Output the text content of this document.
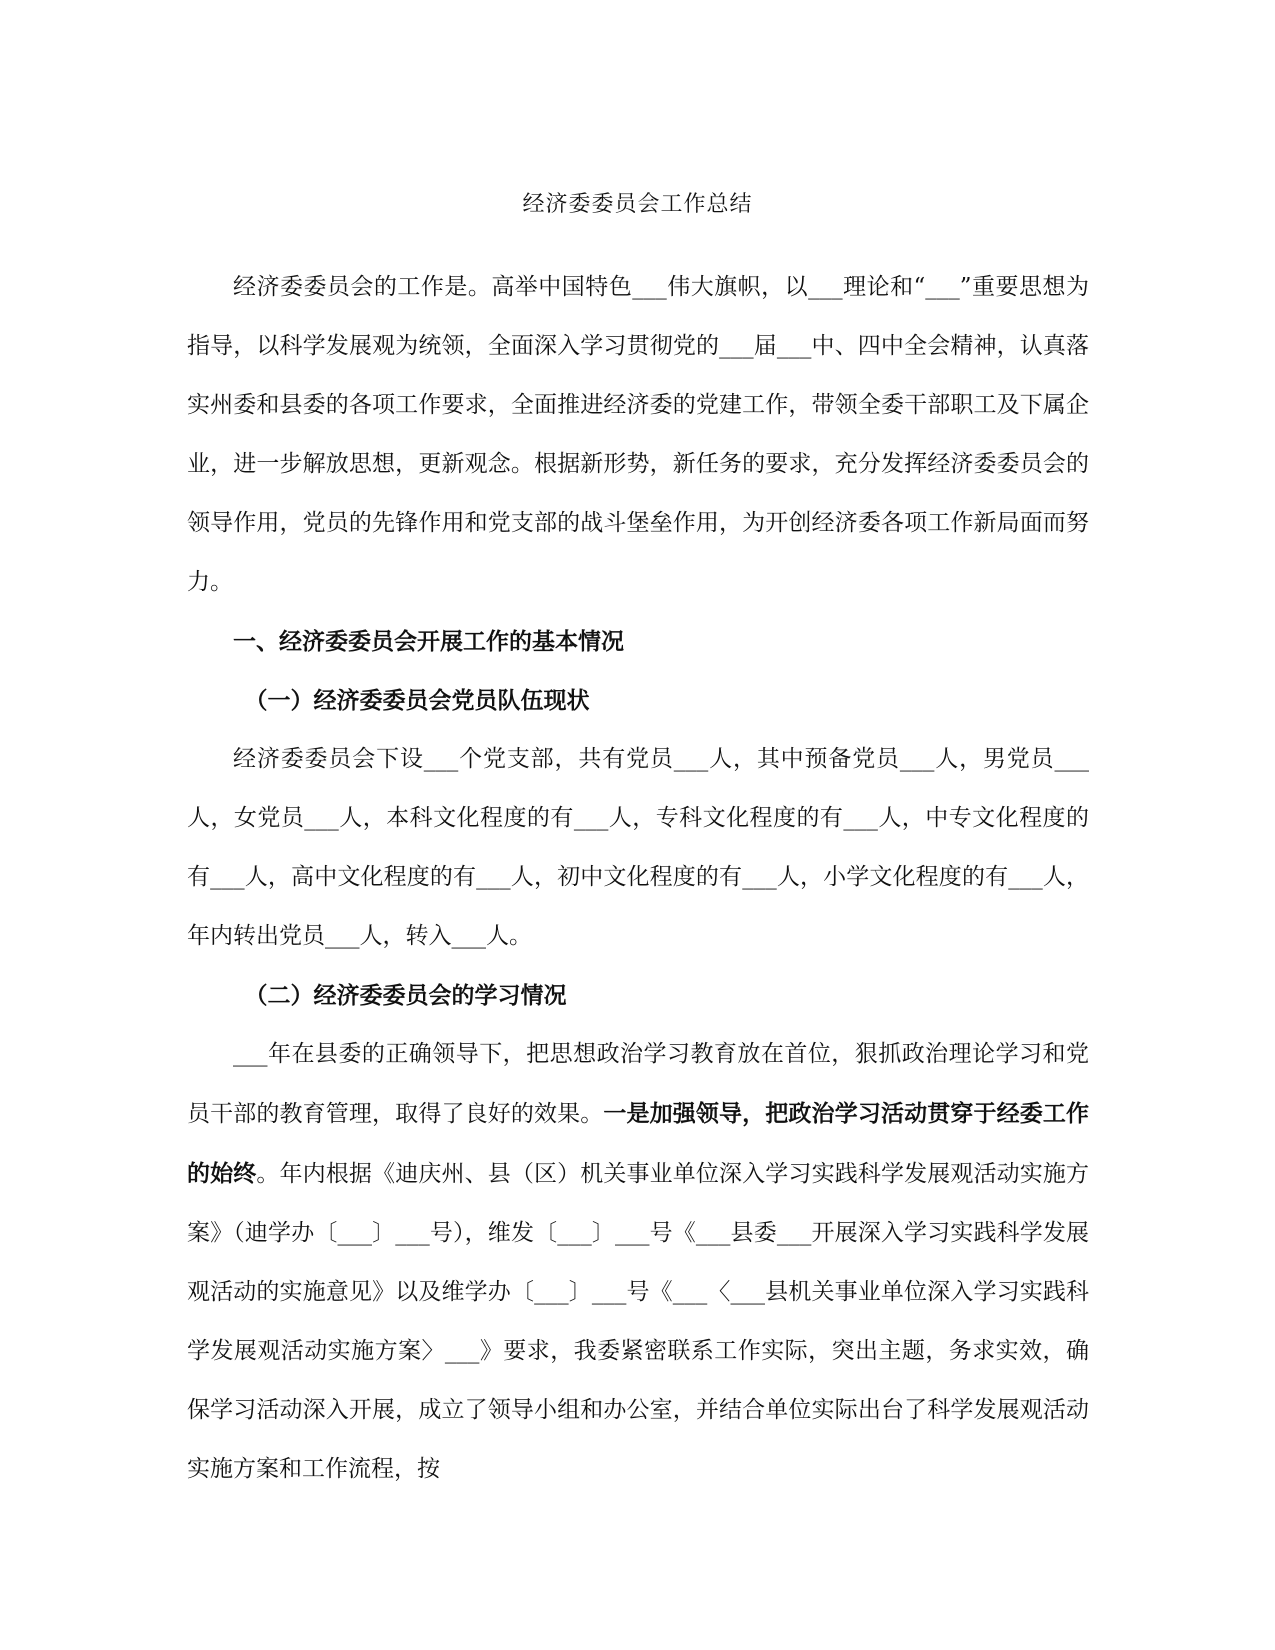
经济委委员会工作总结

经济委委员会的工作是。高举中国特色___伟大旗帜，以___理论和“___”重要思想为指导，以科学发展观为统领，全面深入学习贯彻党的___届___中、四中全会精神，认真落实州委和县委的各项工作要求，全面推进经济委的党建工作，带领全委干部职工及下属企业，进一步解放思想，更新观念。根据新形势，新任务的要求，充分发挥经济委委员会的领导作用，党员的先锋作用和党支部的战斗堡垒作用，为开创经济委各项工作新局面而努力。

一、经济委委员会开展工作的基本情况

（一）经济委委员会党员队伍现状

经济委委员会下设___个党支部，共有党员___人，其中预备党员___人，男党员___人，女党员___人，本科文化程度的有___人，专科文化程度的有___人，中专文化程度的有___人，高中文化程度的有___人，初中文化程度的有___人，小学文化程度的有___人，年内转出党员___人，转入___人。

（二）经济委委员会的学习情况

___年在县委的正确领导下，把思想政治学习教育放在首位，狠抓政治理论学习和党员干部的教育管理，取得了良好的效果。一是加强领导，把政治学习活动贯穿于经委工作的始终。年内根据《迪庆州、县（区）机关事业单位深入学习实践科学发展观活动实施方案》（迪学办〔___〕___号），维发〔___〕___号《___县委___开展深入学习实践科学发展观活动的实施意见》以及维学办〔___〕___号《___〈___县机关事业单位深入学习实践科学发展观活动实施方案〉___》要求，我委紧密联系工作实际，突出主题，务求实效，确保学习活动深入开展，成立了领导小组和办公室，并结合单位实际出台了科学发展观活动实施方案和工作流程，按
